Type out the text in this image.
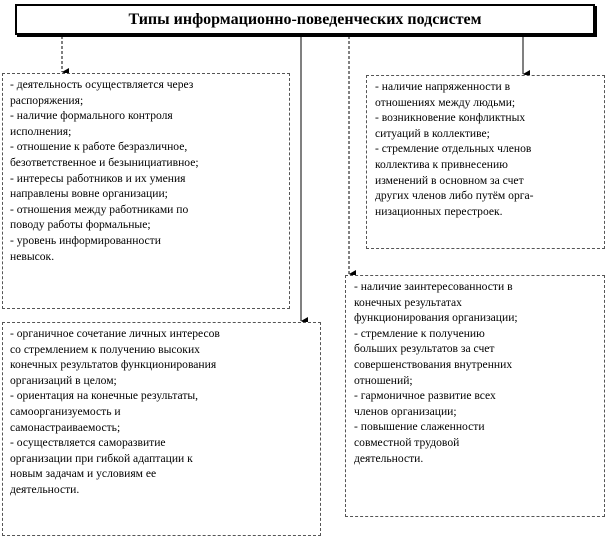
Типы информационно-поведенческих подсистем
- деятельность осуществляется через
распоряжения;
- наличие формального контроля
исполнения;
- отношение к работе безразличное,
безответственное и безынициативное;
- интересы работников и их умения
направлены вовне организации;
- отношения между работниками по
поводу работы формальные;
- уровень информированности
невысок.
- наличие напряженности в
отношениях между людьми;
- возникновение конфликтных
ситуаций в коллективе;
- стремление отдельных членов
коллектива к привнесению
изменений в основном за счет
других членов либо путём орга-
низационных перестроек.
- органичное сочетание личных интересов
со стремлением к получению высоких
конечных результатов функционирования
организаций в целом;
- ориентация на конечные результаты,
самоорганизуемость и
самонастраиваемость;
- осуществляется саморазвитие
организации при гибкой адаптации к
новым задачам и условиям ее
деятельности.
- наличие заинтересованности в
конечных результатах
функционирования организации;
- стремление к получению
больших результатов за счет
совершенствования внутренних
отношений;
- гармоничное развитие всех
членов организации;
- повышение слаженности
совместной трудовой
деятельности.
